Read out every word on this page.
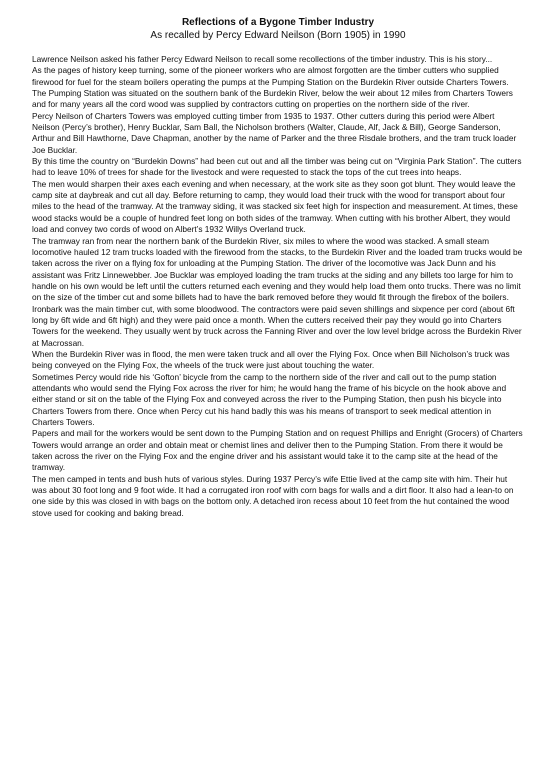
Reflections of a Bygone Timber Industry
As recalled by Percy Edward Neilson (Born 1905) in 1990

Lawrence Neilson asked his father Percy Edward Neilson to recall some recollections of the timber industry. This is his story...

As the pages of history keep turning, some of the pioneer workers who are almost forgotten are the timber cutters who supplied firewood for fuel for the steam boilers operating the pumps at the Pumping Station on the Burdekin River outside Charters Towers.

The Pumping Station was situated on the southern bank of the Burdekin River, below the weir about 12 miles from Charters Towers and for many years all the cord wood was supplied by contractors cutting on properties on the northern side of the river.

Percy Neilson of Charters Towers was employed cutting timber from 1935 to 1937. Other cutters during this period were Albert Neilson (Percy’s brother), Henry Bucklar, Sam Ball, the Nicholson brothers (Walter, Claude, Alf, Jack & Bill), George Sanderson, Arthur and Bill Hawthorne, Dave Chapman, another by the name of Parker and the three Risdale brothers, and the tram truck loader Joe Bucklar.

By this time the country on “Burdekin Downs” had been cut out and all the timber was being cut on “Virginia Park Station”. The cutters had to leave 10% of trees for shade for the livestock and were requested to stack the tops of the cut trees into heaps.

The men would sharpen their axes each evening and when necessary, at the work site as they soon got blunt. They would leave the camp site at daybreak and cut all day. Before returning to camp, they would load their truck with the wood for transport about four miles to the head of the tramway. At the tramway siding, it was stacked six feet high for inspection and measurement. At times, these wood stacks would be a couple of hundred feet long on both sides of the tramway. When cutting with his brother Albert, they would load and convey two cords of wood on Albert’s 1932 Willys Overland truck.

The tramway ran from near the northern bank of the Burdekin River, six miles to where the wood was stacked. A small steam locomotive hauled 12 tram trucks loaded with the firewood from the stacks, to the Burdekin River and the loaded tram trucks would be taken across the river on a flying fox for unloading at the Pumping Station. The driver of the locomotive was Jack Dunn and his assistant was Fritz Linnewebber. Joe Bucklar was employed loading the tram trucks at the siding and any billets too large for him to handle on his own would be left until the cutters returned each evening and they would help load them onto trucks. There was no limit on the size of the timber cut and some billets had to have the bark removed before they would fit through the firebox of the boilers. Ironbark was the main timber cut, with some bloodwood. The contractors were paid seven shillings and sixpence per cord (about 6ft long by 6ft wide and 6ft high) and they were paid once a month. When the cutters received their pay they would go into Charters Towers for the weekend. They usually went by truck across the Fanning River and over the low level bridge across the Burdekin River at Macrossan.

When the Burdekin River was in flood, the men were taken truck and all over the Flying Fox. Once when Bill Nicholson’s truck was being conveyed on the Flying Fox, the wheels of the truck were just about touching the water.

Sometimes Percy would ride his ‘Gofton’ bicycle from the camp to the northern side of the river and call out to the pump station attendants who would send the Flying Fox across the river for him; he would hang the frame of his bicycle on the hook above and either stand or sit on the table of the Flying Fox and conveyed across the river to the Pumping Station, then push his bicycle into Charters Towers from there. Once when Percy cut his hand badly this was his means of transport to seek medical attention in Charters Towers.

Papers and mail for the workers would be sent down to the Pumping Station and on request Phillips and Enright (Grocers) of Charters Towers would arrange an order and obtain meat or chemist lines and deliver then to the Pumping Station. From there it would be taken across the river on the Flying Fox and the engine driver and his assistant would take it to the camp site at the head of the tramway.

The men camped in tents and bush huts of various styles. During 1937 Percy’s wife Ettie lived at the camp site with him. Their hut was about 30 foot long and 9 foot wide. It had a corrugated iron roof with corn bags for walls and a dirt floor. It also had a lean-to on one side by this was closed in with bags on the bottom only. A detached iron recess about 10 feet from the hut contained the wood stove used for cooking and baking bread.
